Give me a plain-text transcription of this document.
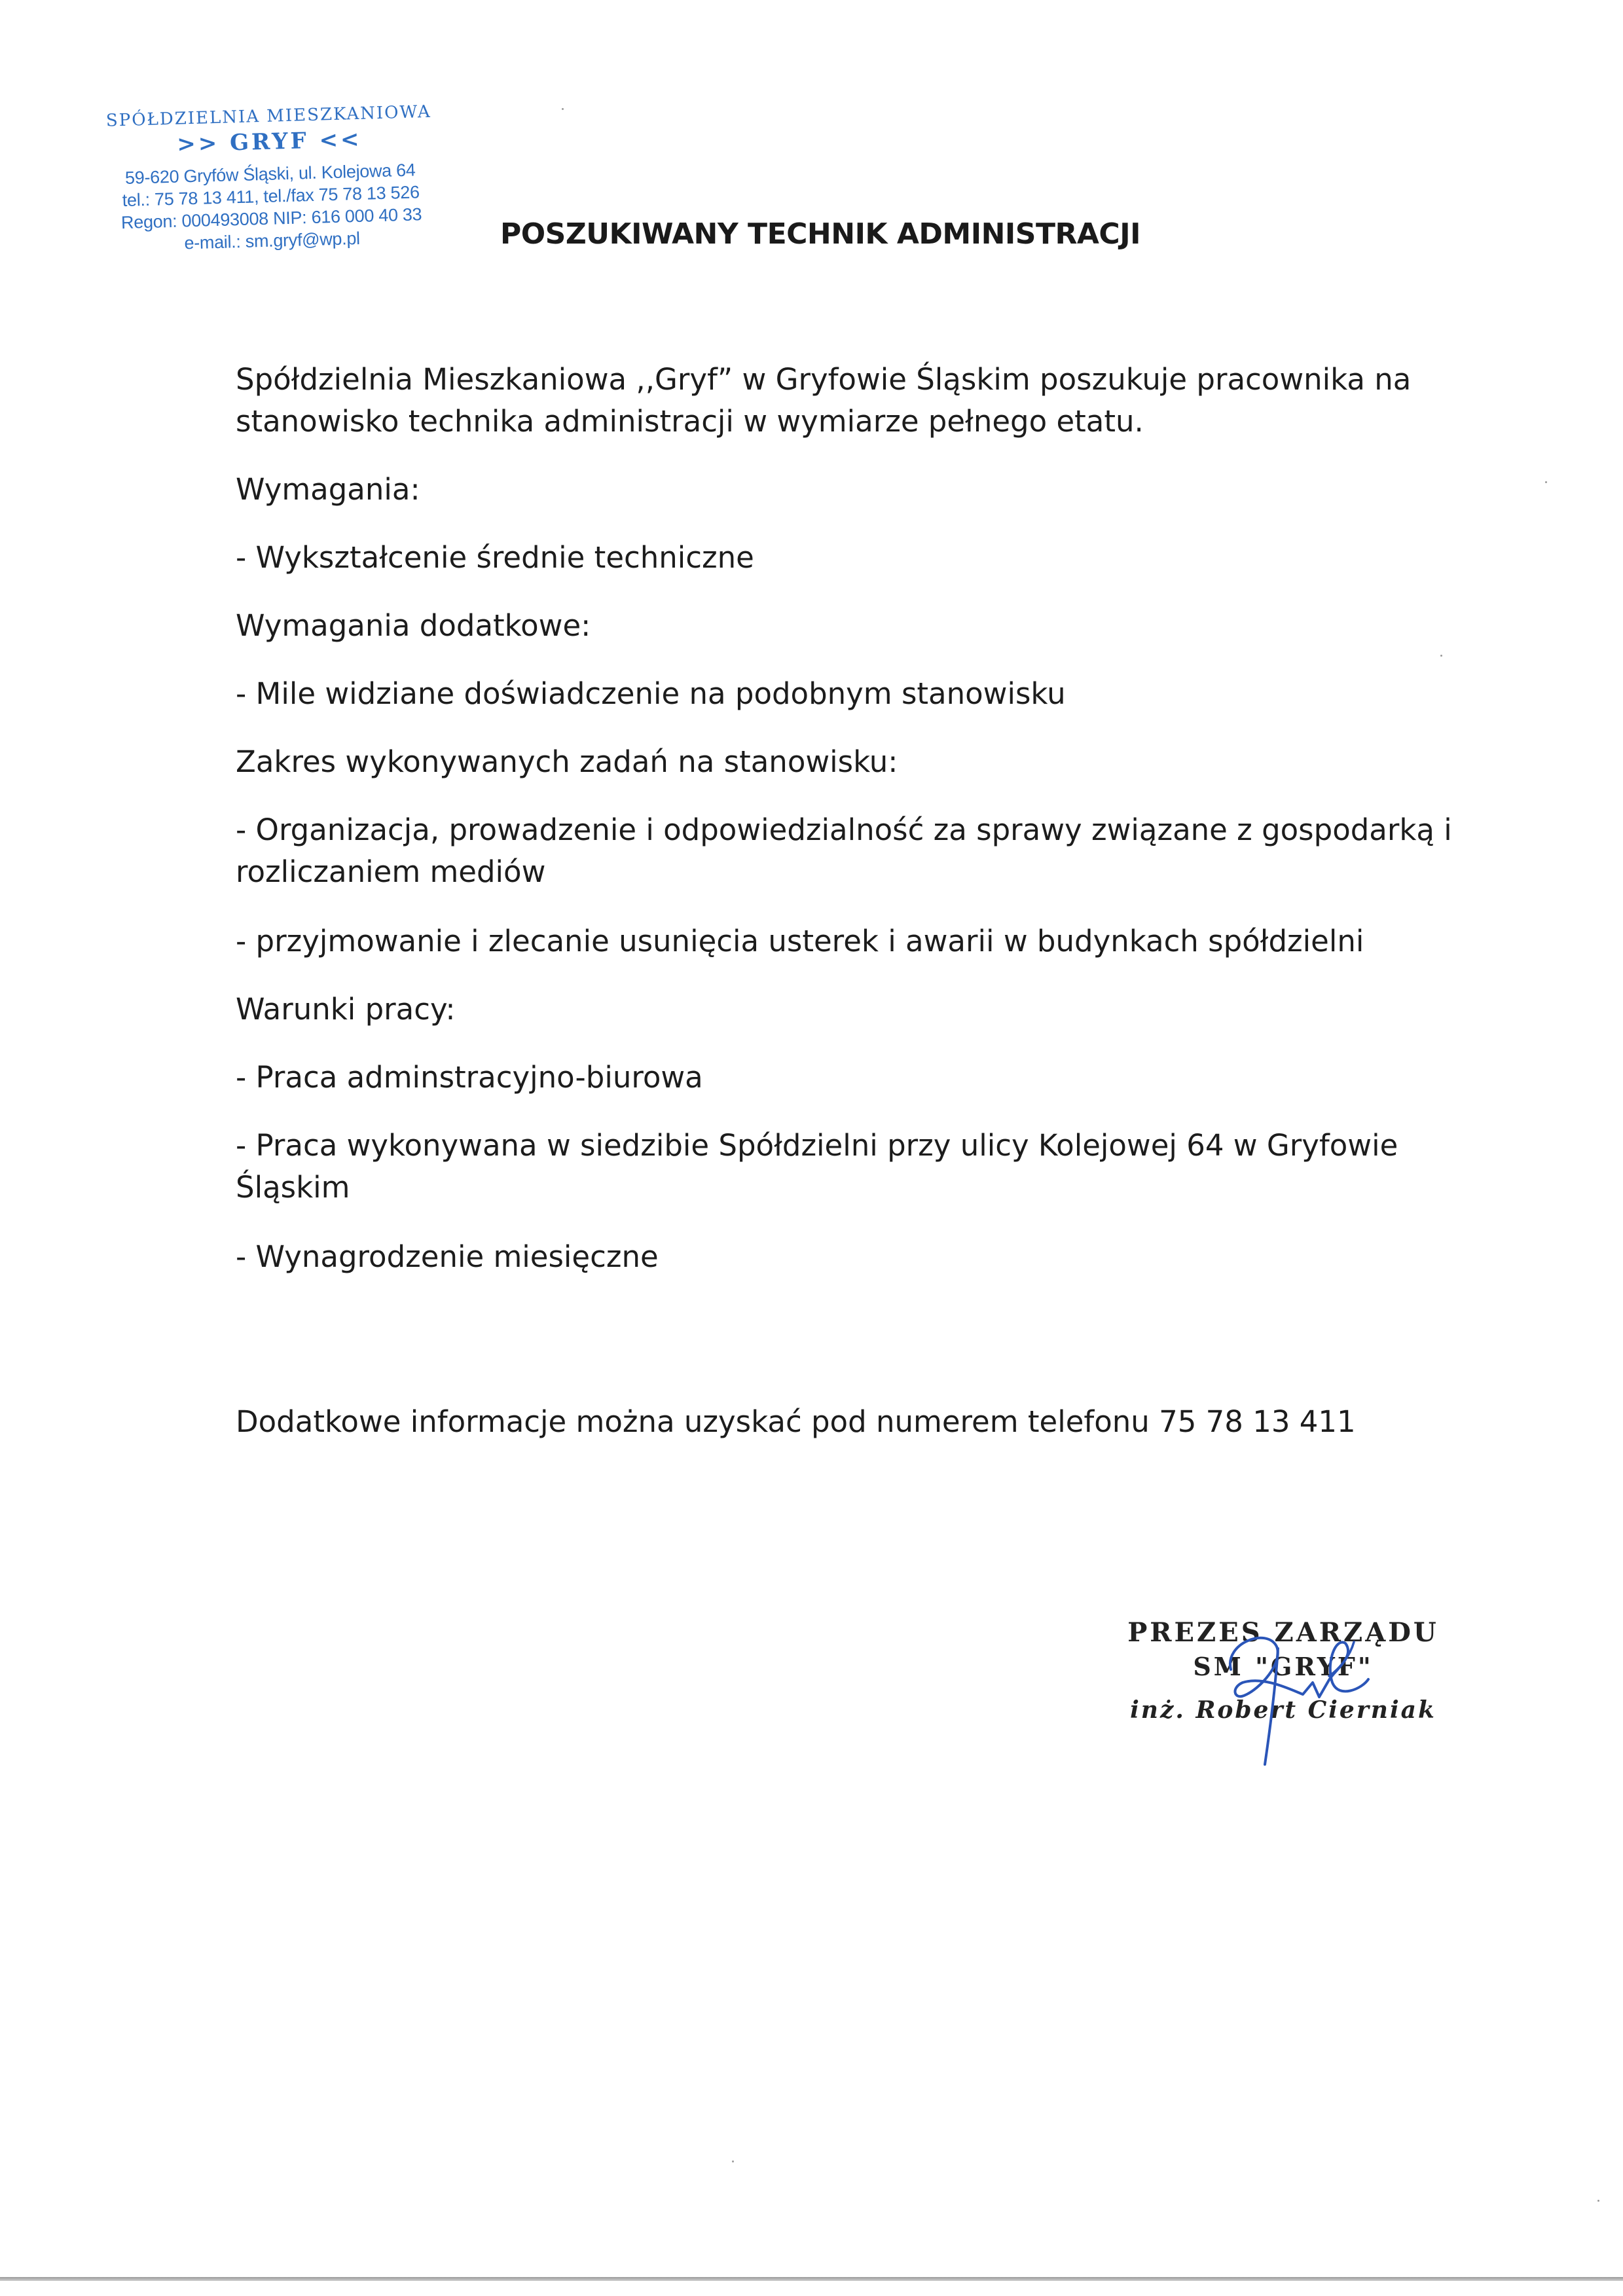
SPÓŁDZIELNIA MIESZKANIOWA
>> GRYF <<
59-620 Gryfów Śląski, ul. Kolejowa 64
tel.: 75 78 13 411, tel./fax 75 78 13 526
Regon: 000493008 NIP: 616 000 40 33
e-mail.: sm.gryf@wp.pl	POSZUKIWANY TECHNIK ADMINISTRACJI

Spółdzielnia Mieszkaniowa ,,Gryf” w Gryfowie Śląskim poszukuje pracownika na stanowisko technika administracji w wymiarze pełnego etatu.

Wymagania:

- Wykształcenie średnie techniczne

Wymagania dodatkowe:

- Mile widziane doświadczenie na podobnym stanowisku

Zakres wykonywanych zadań na stanowisku:

- Organizacja, prowadzenie i odpowiedzialność za sprawy związane z gospodarką i rozliczaniem mediów

- przyjmowanie i zlecanie usunięcia usterek i awarii w budynkach spółdzielni

Warunki pracy:

- Praca adminstracyjno-biurowa

- Praca wykonywana w siedzibie Spółdzielni przy ulicy Kolejowej 64 w Gryfowie Śląskim

- Wynagrodzenie miesięczne

Dodatkowe informacje można uzyskać pod numerem telefonu 75 78 13 411
PREZES ZARZĄDU
SM "GRYF"
inż. Robert Cierniak
